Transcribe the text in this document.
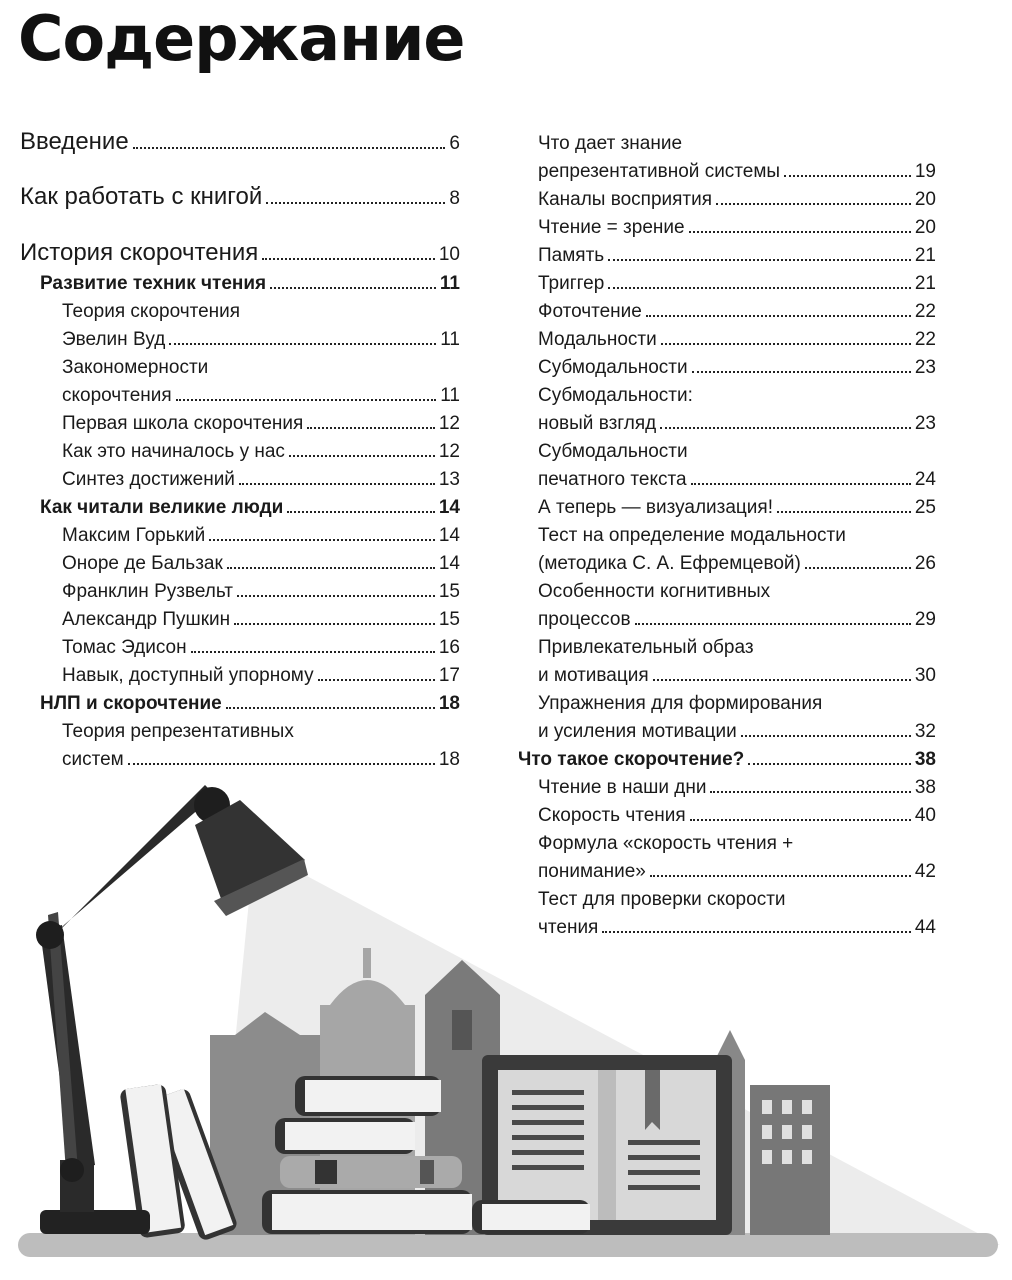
Содержание
Введение	6
Как работать с книгой	8
История скорочтения	10
Развитие техник чтения	11
Теория скорочтения
Эвелин Вуд	11
Закономерности
скорочтения	11
Первая школа скорочтения	12
Как это начиналось у нас	12
Синтез достижений	13
Как читали великие люди	14
Максим Горький	14
Оноре де Бальзак	14
Франклин Рузвельт	15
Александр Пушкин	15
Томас Эдисон	16
Навык, доступный упорному	17
НЛП и скорочтение	18
Теория репрезентативных
систем	18
Что дает знание
репрезентативной системы	19
Каналы восприятия	20
Чтение = зрение	20
Память	21
Триггер	21
Фоточтение	22
Модальности	22
Субмодальности	23
Субмодальности:
новый взгляд	23
Субмодальности
печатного текста	24
А теперь — визуализация!	25
Тест на определение модальности
(методика С. А. Ефремцевой)	26
Особенности когнитивных
процессов	29
Привлекательный образ
и мотивация	30
Упражнения для формирования
и усиления мотивации	32
Что такое скорочтение?	38
Чтение в наши дни	38
Скорость чтения	40
Формула «скорость чтения +
понимание»	42
Тест для проверки скорости
чтения	44
